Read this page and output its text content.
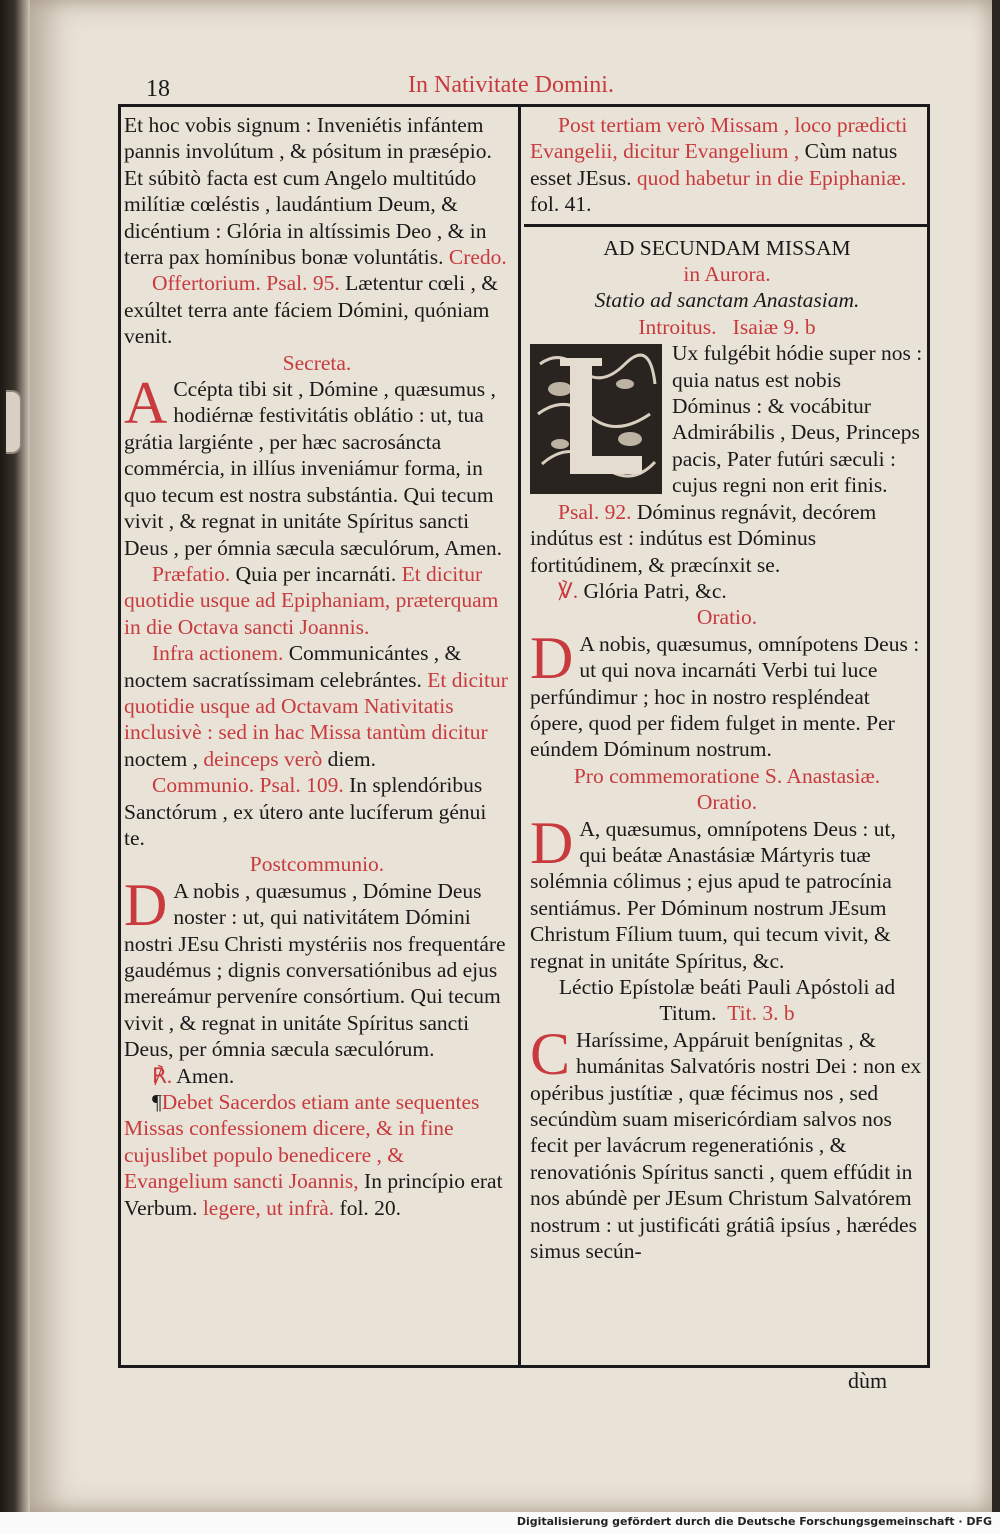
18	In Nativitate Domini.

Et hoc vobis signum : Inveniétis infántem pannis involútum , & pósitum in præsépio. Et súbitò facta est cum Angelo multitúdo milítiæ cœléstis , laudántium Deum, & dicéntium : Glória in altíssimis Deo , & in terra pax homínibus bonæ voluntátis. Credo.

Offertorium. Psal. 95. Lætentur cœli , & exúltet terra ante fáciem Dómini, quóniam venit.

Secreta.

A Ccépta tibi sit , Dómine , quæsumus , hodiérnæ festivitátis oblátio : ut, tua grátia largiénte , per hæc sacrosáncta commércia, in illíus inveniámur forma, in quo tecum est nostra substántia. Qui tecum vivit , & regnat in unitáte Spíritus sancti Deus , per ómnia sæcula sæculórum, Amen.

Præfatio. Quia per incarnáti. Et dicitur quotidie usque ad Epiphaniam, præterquam in die Octava sancti Joannis.

Infra actionem. Communicántes , & noctem sacratíssimam celebrántes. Et dicitur quotidie usque ad Octavam Nativitatis inclusivè : sed in hac Missa tantùm dicitur noctem , deinceps verò diem.

Communio. Psal. 109. In splendóribus Sanctórum , ex útero ante lucíferum génui te.

Postcommunio.

D A nobis , quæsumus , Dómine Deus noster : ut, qui nativitátem Dómini nostri JEsu Christi mystériis nos frequentáre gaudémus ; dignis conversatiónibus ad ejus mereámur perveníre consórtium. Qui tecum vivit , & regnat in unitáte Spíritus sancti Deus, per ómnia sæcula sæculórum.

℟. Amen.

¶Debet Sacerdos etiam ante sequentes Missas confessionem dicere, & in fine cujuslibet populo benedicere , & Evangelium sancti Joannis, In princípio erat Verbum. legere, ut infrà. fol. 20.

Post tertiam verò Missam , loco prædicti Evangelii, dicitur Evangelium , Cùm natus esset JEsus. quod habetur in die Epiphaniæ. fol. 41.

AD SECUNDAM MISSAM

in Aurora.

Statio ad sanctam Anastasiam.

Introitus. Isaiæ 9. b

Ux fulgébit hódie super nos : quia natus est nobis Dóminus : & vocábitur Admirábilis , Deus, Princeps pacis, Pater futúri sæculi : cujus regni non erit finis.

Psal. 92. Dóminus regnávit, decórem indútus est : indútus est Dóminus fortitúdinem, & præcínxit se.

℣. Glória Patri, &c.

Oratio.

D A nobis, quæsumus, omnípotens Deus : ut qui nova incarnáti Verbi tui luce perfúndimur ; hoc in nostro respléndeat ópere, quod per fidem fulget in mente. Per eúndem Dóminum nostrum.

Pro commemoratione S. Anastasiæ.

Oratio.

D A, quæsumus, omnípotens Deus : ut, qui beátæ Anastásiæ Mártyris tuæ solémnia cólimus ; ejus apud te patrocínia sentiámus. Per Dóminum nostrum JEsum Christum Fílium tuum, qui tecum vivit, & regnat in unitáte Spíritus, &c.

Léctio Epístolæ beáti Pauli Apóstoli ad Titum. Tit. 3. b

C Haríssime, Appáruit benígnitas , & humánitas Salvatóris nostri Dei : non ex opéribus justítiæ , quæ fécimus nos , sed secúndùm suam misericórdiam salvos nos fecit per lavácrum regeneratiónis , & renovatiónis Spíritus sancti , quem effúdit in nos abúndè per JEsum Christum Salvatórem nostrum : ut justificáti grátiâ ipsíus , hærédes simus secún-

dùm
Digitalisierung gefördert durch die Deutsche Forschungsgemeinschaft · DFG
